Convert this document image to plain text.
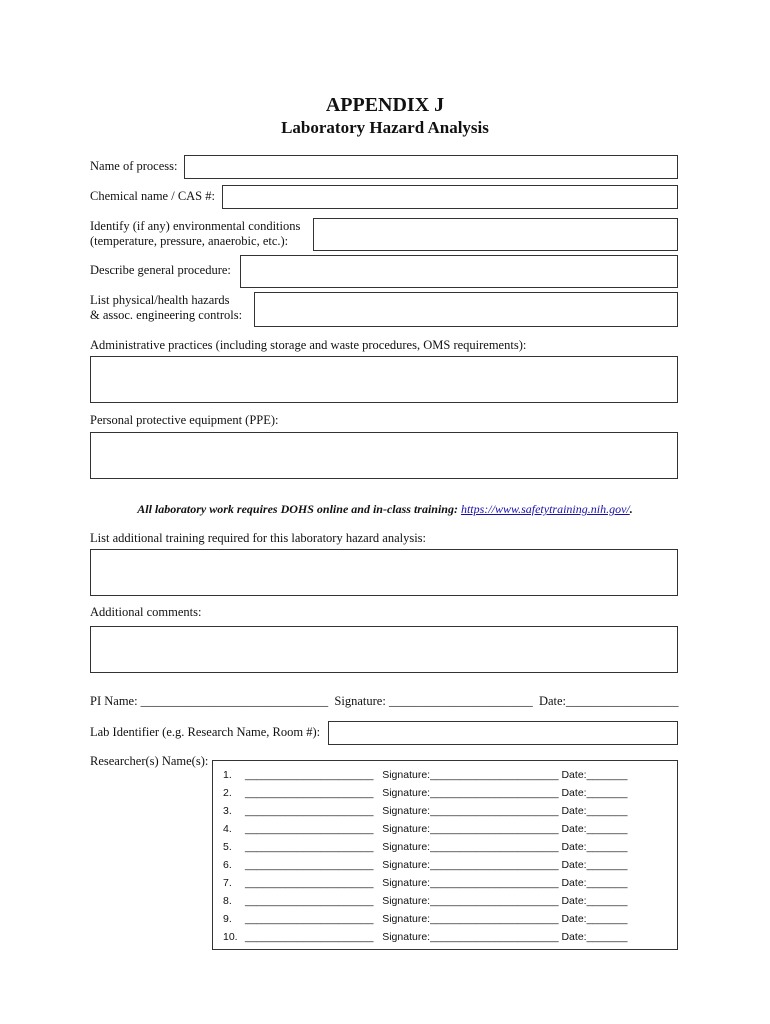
APPENDIX J
Laboratory Hazard Analysis
Name of process:
Chemical name / CAS #:
Identify (if any) environmental conditions
(temperature, pressure, anaerobic, etc.):
Describe general procedure:
List physical/health hazards
& assoc. engineering controls:
Administrative practices (including storage and waste procedures, OMS requirements):
Personal protective equipment (PPE):
All laboratory work requires DOHS online and in-class training: https://www.safetytraining.nih.gov/.
List additional training required for this laboratory hazard analysis:
Additional comments:
PI Name: ______________________________  Signature: _______________________  Date:__________________
Lab Identifier (e.g. Research Name, Room #):
Researcher(s) Name(s):
1. ______________________   Signature:______________________ Date:_______
2. ______________________   Signature:______________________ Date:_______
3. ______________________   Signature:______________________ Date:_______
4. ______________________   Signature:______________________ Date:_______
5. ______________________   Signature:______________________ Date:_______
6. ______________________   Signature:______________________ Date:_______
7. ______________________   Signature:______________________ Date:_______
8. ______________________   Signature:______________________ Date:_______
9. ______________________   Signature:______________________ Date:_______
10. ______________________   Signature:______________________ Date:_______
